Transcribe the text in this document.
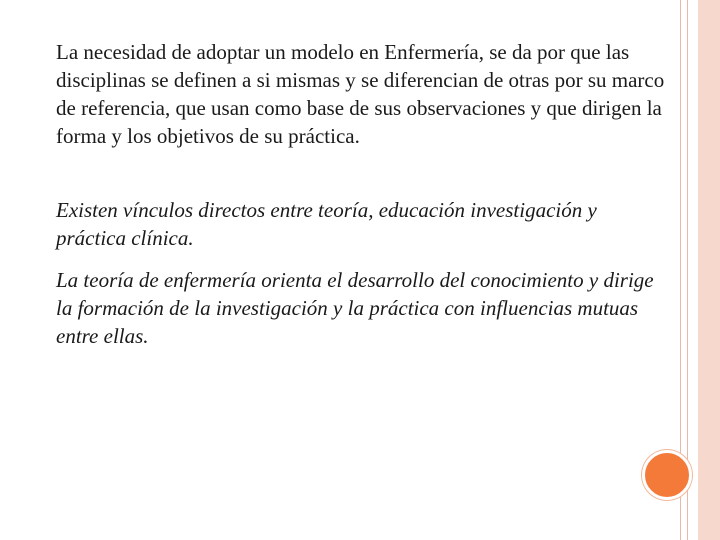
La necesidad de adoptar un modelo en Enfermería, se da por que las disciplinas se definen a si mismas y se diferencian de otras por su marco de referencia, que usan como base de sus observaciones y que dirigen la forma y los objetivos de su práctica.

Existen vínculos directos entre teoría, educación investigación y práctica clínica.

La teoría de enfermería orienta el desarrollo del conocimiento y dirige la formación de la investigación y la práctica con influencias mutuas entre ellas.
